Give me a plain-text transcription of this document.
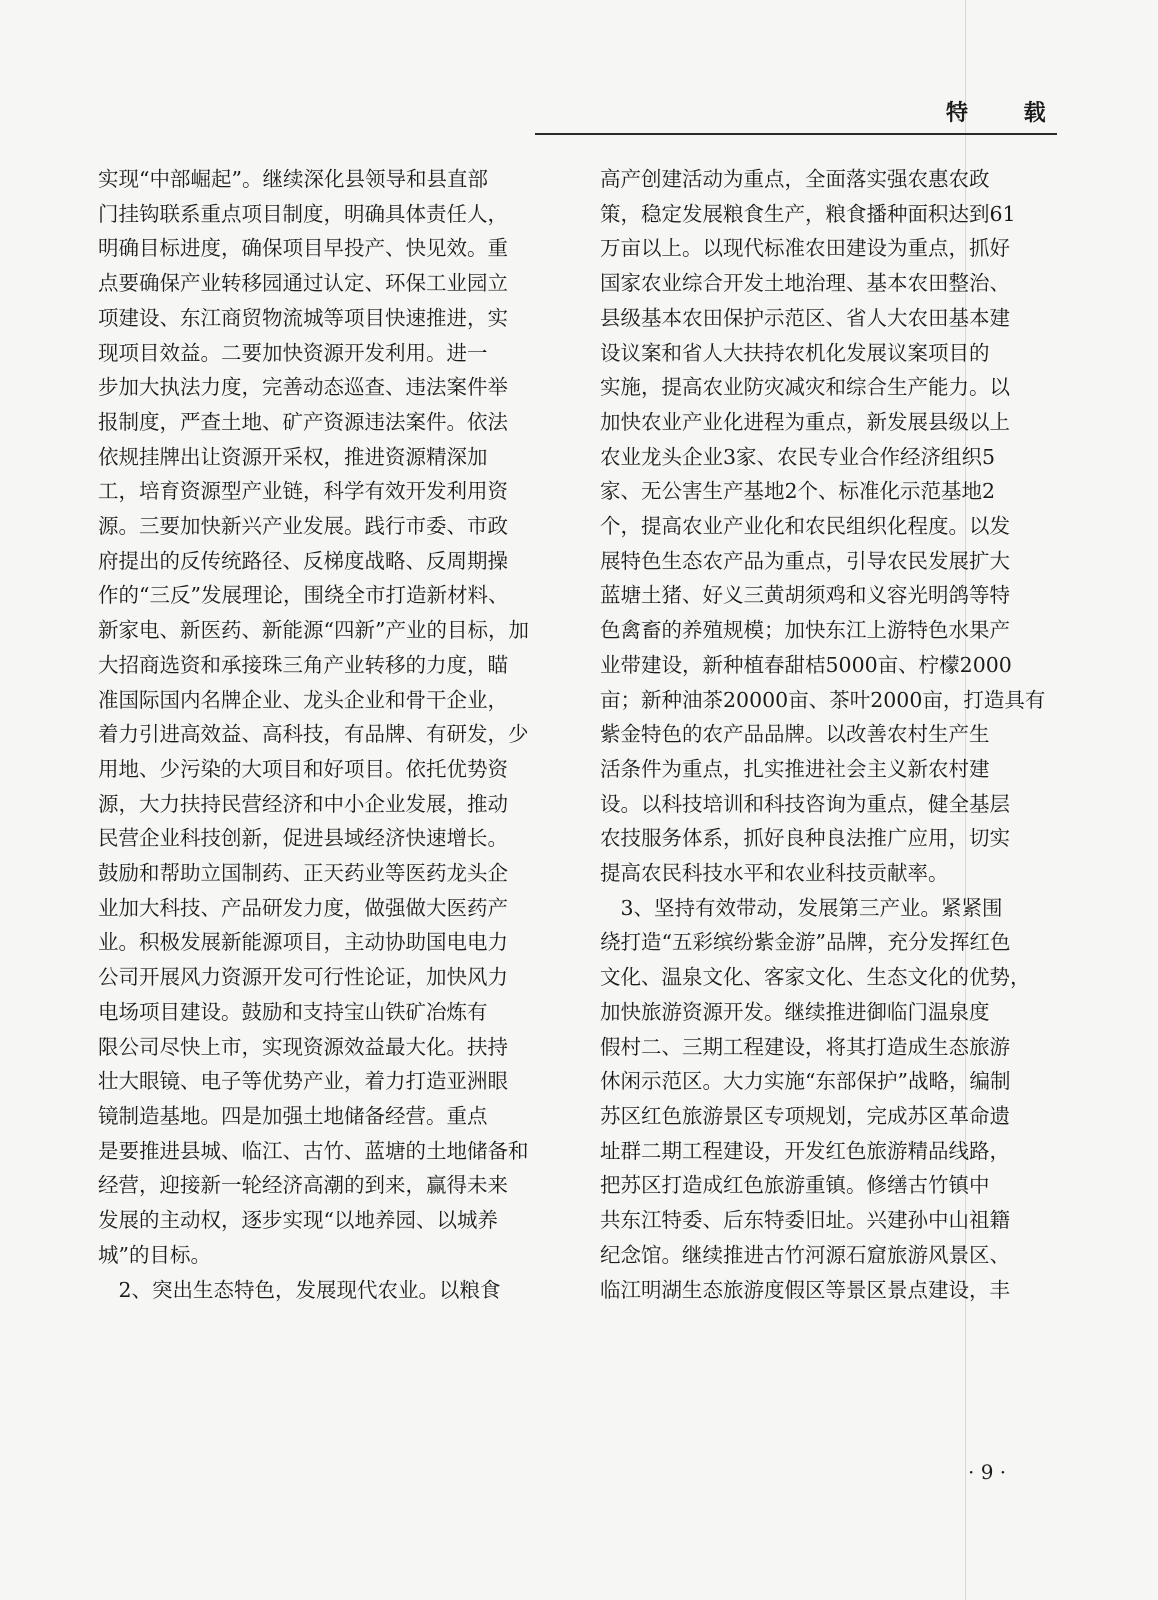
特 载

实现“中部崛起”。继续深化县领导和县直部

门挂钩联系重点项目制度，明确具体责任人，

明确目标进度，确保项目早投产、快见效。重

点要确保产业转移园通过认定、环保工业园立

项建设、东江商贸物流城等项目快速推进，实

现项目效益。二要加快资源开发利用。进一

步加大执法力度，完善动态巡查、违法案件举

报制度，严查土地、矿产资源违法案件。依法

依规挂牌出让资源开采权，推进资源精深加

工，培育资源型产业链，科学有效开发利用资

源。三要加快新兴产业发展。践行市委、市政

府提出的反传统路径、反梯度战略、反周期操

作的“三反”发展理论，围绕全市打造新材料、

新家电、新医药、新能源“四新”产业的目标，加

大招商选资和承接珠三角产业转移的力度，瞄

准国际国内名牌企业、龙头企业和骨干企业，

着力引进高效益、高科技，有品牌、有研发，少

用地、少污染的大项目和好项目。依托优势资

源，大力扶持民营经济和中小企业发展，推动

民营企业科技创新，促进县域经济快速增长。

鼓励和帮助立国制药、正天药业等医药龙头企

业加大科技、产品研发力度，做强做大医药产

业。积极发展新能源项目，主动协助国电电力

公司开展风力资源开发可行性论证，加快风力

电场项目建设。鼓励和支持宝山铁矿冶炼有

限公司尽快上市，实现资源效益最大化。扶持

壮大眼镜、电子等优势产业，着力打造亚洲眼

镜制造基地。四是加强土地储备经营。重点

是要推进县城、临江、古竹、蓝塘的土地储备和

经营，迎接新一轮经济高潮的到来，赢得未来

发展的主动权，逐步实现“以地养园、以城养

城”的目标。

　2、突出生态特色，发展现代农业。以粮食

高产创建活动为重点，全面落实强农惠农政

策，稳定发展粮食生产，粮食播种面积达到61

万亩以上。以现代标准农田建设为重点，抓好

国家农业综合开发土地治理、基本农田整治、

县级基本农田保护示范区、省人大农田基本建

设议案和省人大扶持农机化发展议案项目的

实施，提高农业防灾减灾和综合生产能力。以

加快农业产业化进程为重点，新发展县级以上

农业龙头企业3家、农民专业合作经济组织5

家、无公害生产基地2个、标准化示范基地2

个，提高农业产业化和农民组织化程度。以发

展特色生态农产品为重点，引导农民发展扩大

蓝塘土猪、好义三黄胡须鸡和义容光明鸽等特

色禽畜的养殖规模；加快东江上游特色水果产

业带建设，新种植春甜桔5000亩、柠檬2000

亩；新种油茶20000亩、茶叶2000亩，打造具有

紫金特色的农产品品牌。以改善农村生产生

活条件为重点，扎实推进社会主义新农村建

设。以科技培训和科技咨询为重点，健全基层

农技服务体系，抓好良种良法推广应用，切实

提高农民科技水平和农业科技贡献率。

　3、坚持有效带动，发展第三产业。紧紧围

绕打造“五彩缤纷紫金游”品牌，充分发挥红色

文化、温泉文化、客家文化、生态文化的优势，

加快旅游资源开发。继续推进御临门温泉度

假村二、三期工程建设，将其打造成生态旅游

休闲示范区。大力实施“东部保护”战略，编制

苏区红色旅游景区专项规划，完成苏区革命遗

址群二期工程建设，开发红色旅游精品线路，

把苏区打造成红色旅游重镇。修缮古竹镇中

共东江特委、后东特委旧址。兴建孙中山祖籍

纪念馆。继续推进古竹河源石窟旅游风景区、

临江明湖生态旅游度假区等景区景点建设，丰

· 9 ·
